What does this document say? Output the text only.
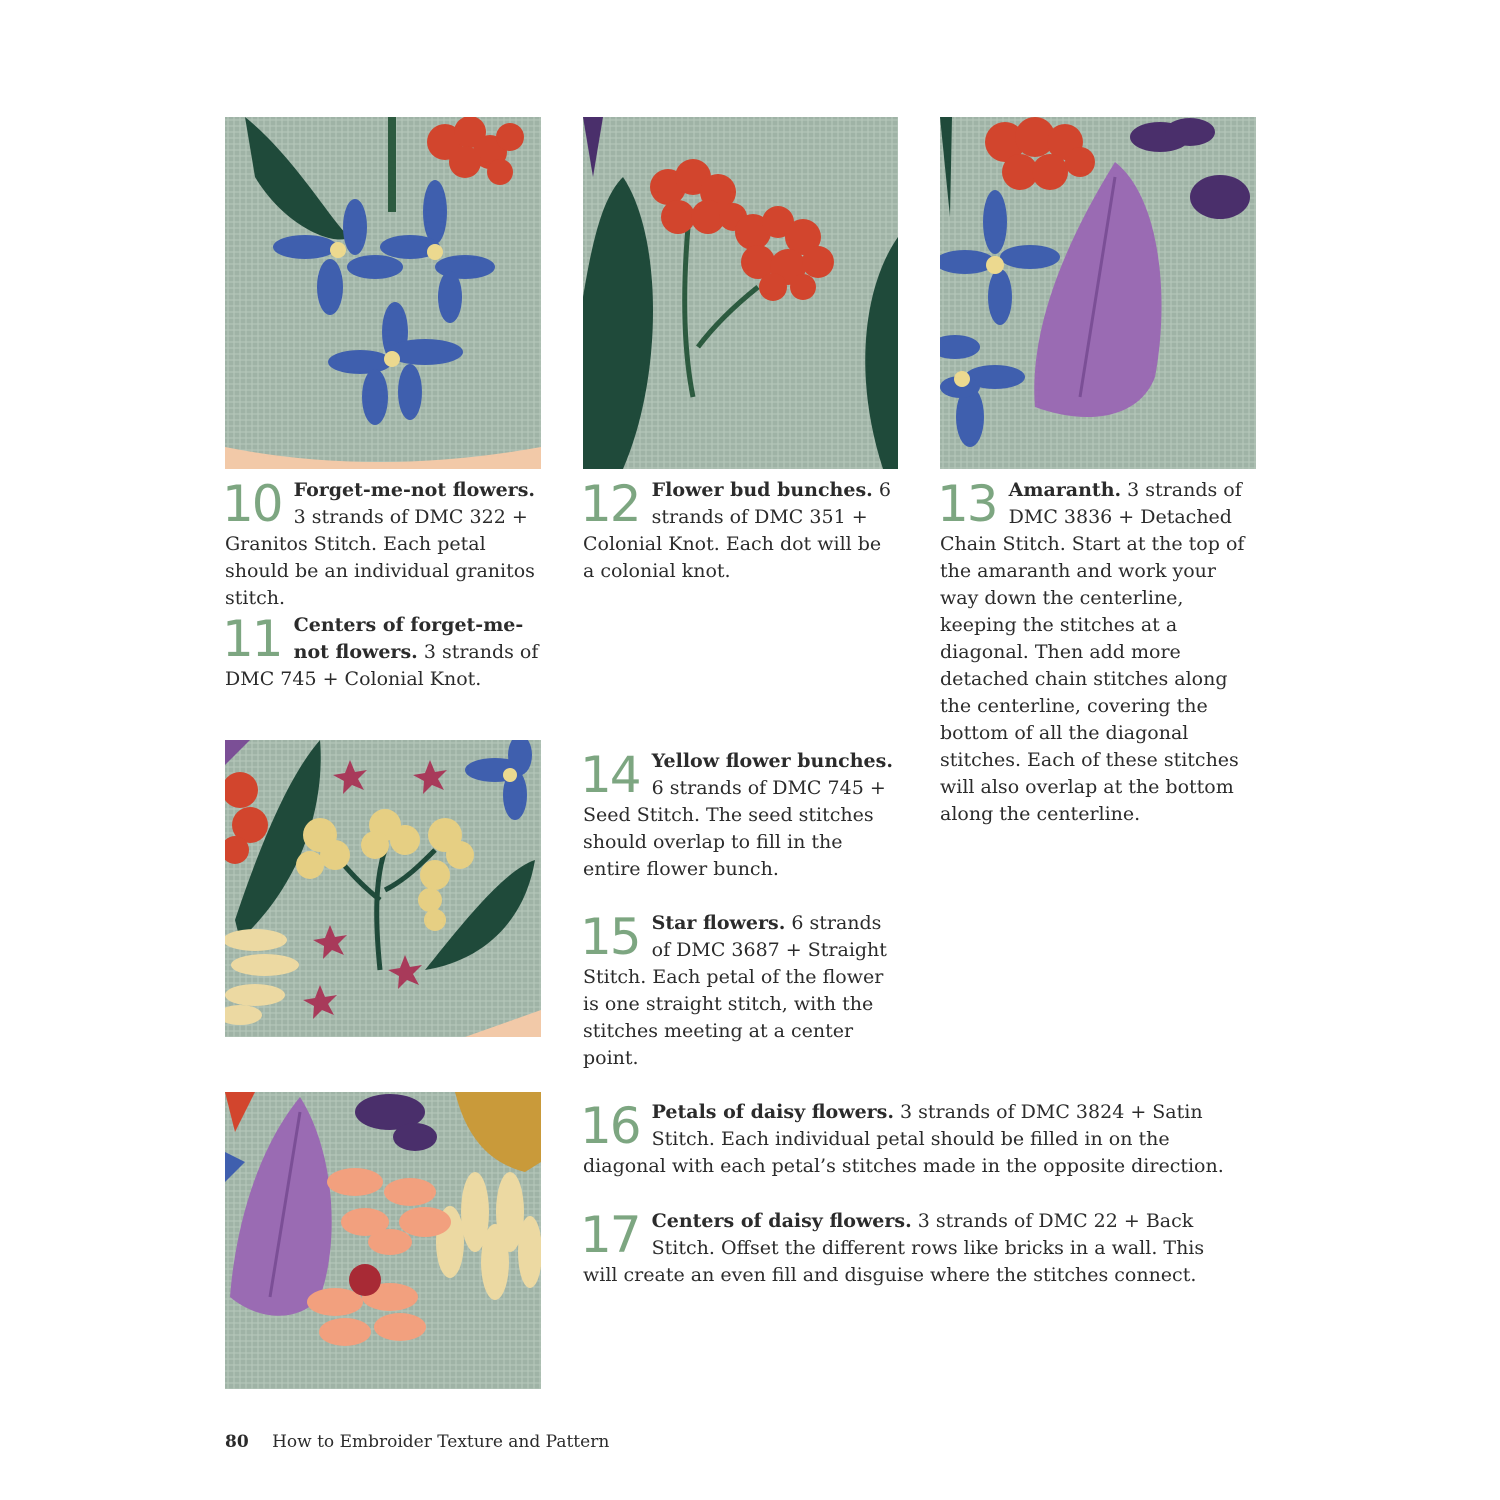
10 Forget-me-not flowers. 3 strands of DMC 322 + Granitos Stitch. Each petal should be an individual granitos stitch.
11 Centers of forget-me-not flowers. 3 strands of DMC 745 + Colonial Knot.
12 Flower bud bunches. 6 strands of DMC 351 + Colonial Knot. Each dot will be a colonial knot.
13 Amaranth. 3 strands of DMC 3836 + Detached Chain Stitch. Start at the top of the amaranth and work your way down the centerline, keeping the stitches at a diagonal. Then add more detached chain stitches along the centerline, covering the bottom of all the diagonal stitches. Each of these stitches will also overlap at the bottom along the centerline.
14 Yellow flower bunches. 6 strands of DMC 745 + Seed Stitch. The seed stitches should overlap to fill in the entire flower bunch.
15 Star flowers. 6 strands of DMC 3687 + Straight Stitch. Each petal of the flower is one straight stitch, with the stitches meeting at a center point.
16 Petals of daisy flowers. 3 strands of DMC 3824 + Satin Stitch. Each individual petal should be filled in on the diagonal with each petal’s stitches made in the opposite direction.
17 Centers of daisy flowers. 3 strands of DMC 22 + Back Stitch. Offset the different rows like bricks in a wall. This will create an even fill and disguise where the stitches connect.
80 How to Embroider Texture and Pattern
